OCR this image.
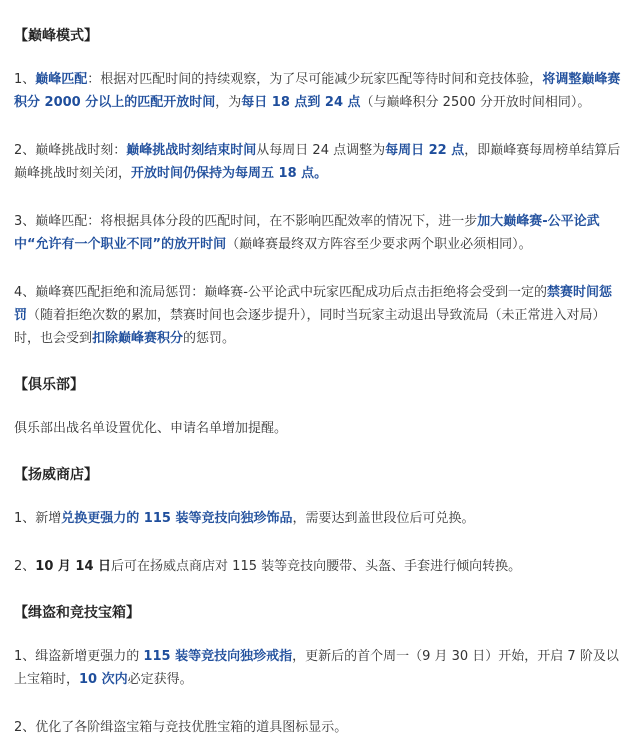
【巅峰模式】

1、巅峰匹配：根据对匹配时间的持续观察，为了尽可能减少玩家匹配等待时间和竞技体验，将调整巅峰赛积分 2000 分以上的匹配开放时间，为每日 18 点到 24 点（与巅峰积分 2500 分开放时间相同）。

2、巅峰挑战时刻：巅峰挑战时刻结束时间从每周日 24 点调整为每周日 22 点，即巅峰赛每周榜单结算后巅峰挑战时刻关闭，开放时间仍保持为每周五 18 点。

3、巅峰匹配：将根据具体分段的匹配时间，在不影响匹配效率的情况下，进一步加大巅峰赛-公平论武中“允许有一个职业不同”的放开时间（巅峰赛最终双方阵容至少要求两个职业必须相同）。

4、巅峰赛匹配拒绝和流局惩罚：巅峰赛-公平论武中玩家匹配成功后点击拒绝将会受到一定的禁赛时间惩罚（随着拒绝次数的累加，禁赛时间也会逐步提升），同时当玩家主动退出导致流局（未正常进入对局）时，也会受到扣除巅峰赛积分的惩罚。

【俱乐部】

俱乐部出战名单设置优化、申请名单增加提醒。

【扬威商店】

1、新增兑换更强力的 115 装等竞技向独珍饰品，需要达到盖世段位后可兑换。

2、10 月 14 日后可在扬威点商店对 115 装等竞技向腰带、头盔、手套进行倾向转换。

【缉盗和竞技宝箱】

1、缉盗新增更强力的 115 装等竞技向独珍戒指，更新后的首个周一（9 月 30 日）开始，开启 7 阶及以上宝箱时，10 次内必定获得。

2、优化了各阶缉盗宝箱与竞技优胜宝箱的道具图标显示。
